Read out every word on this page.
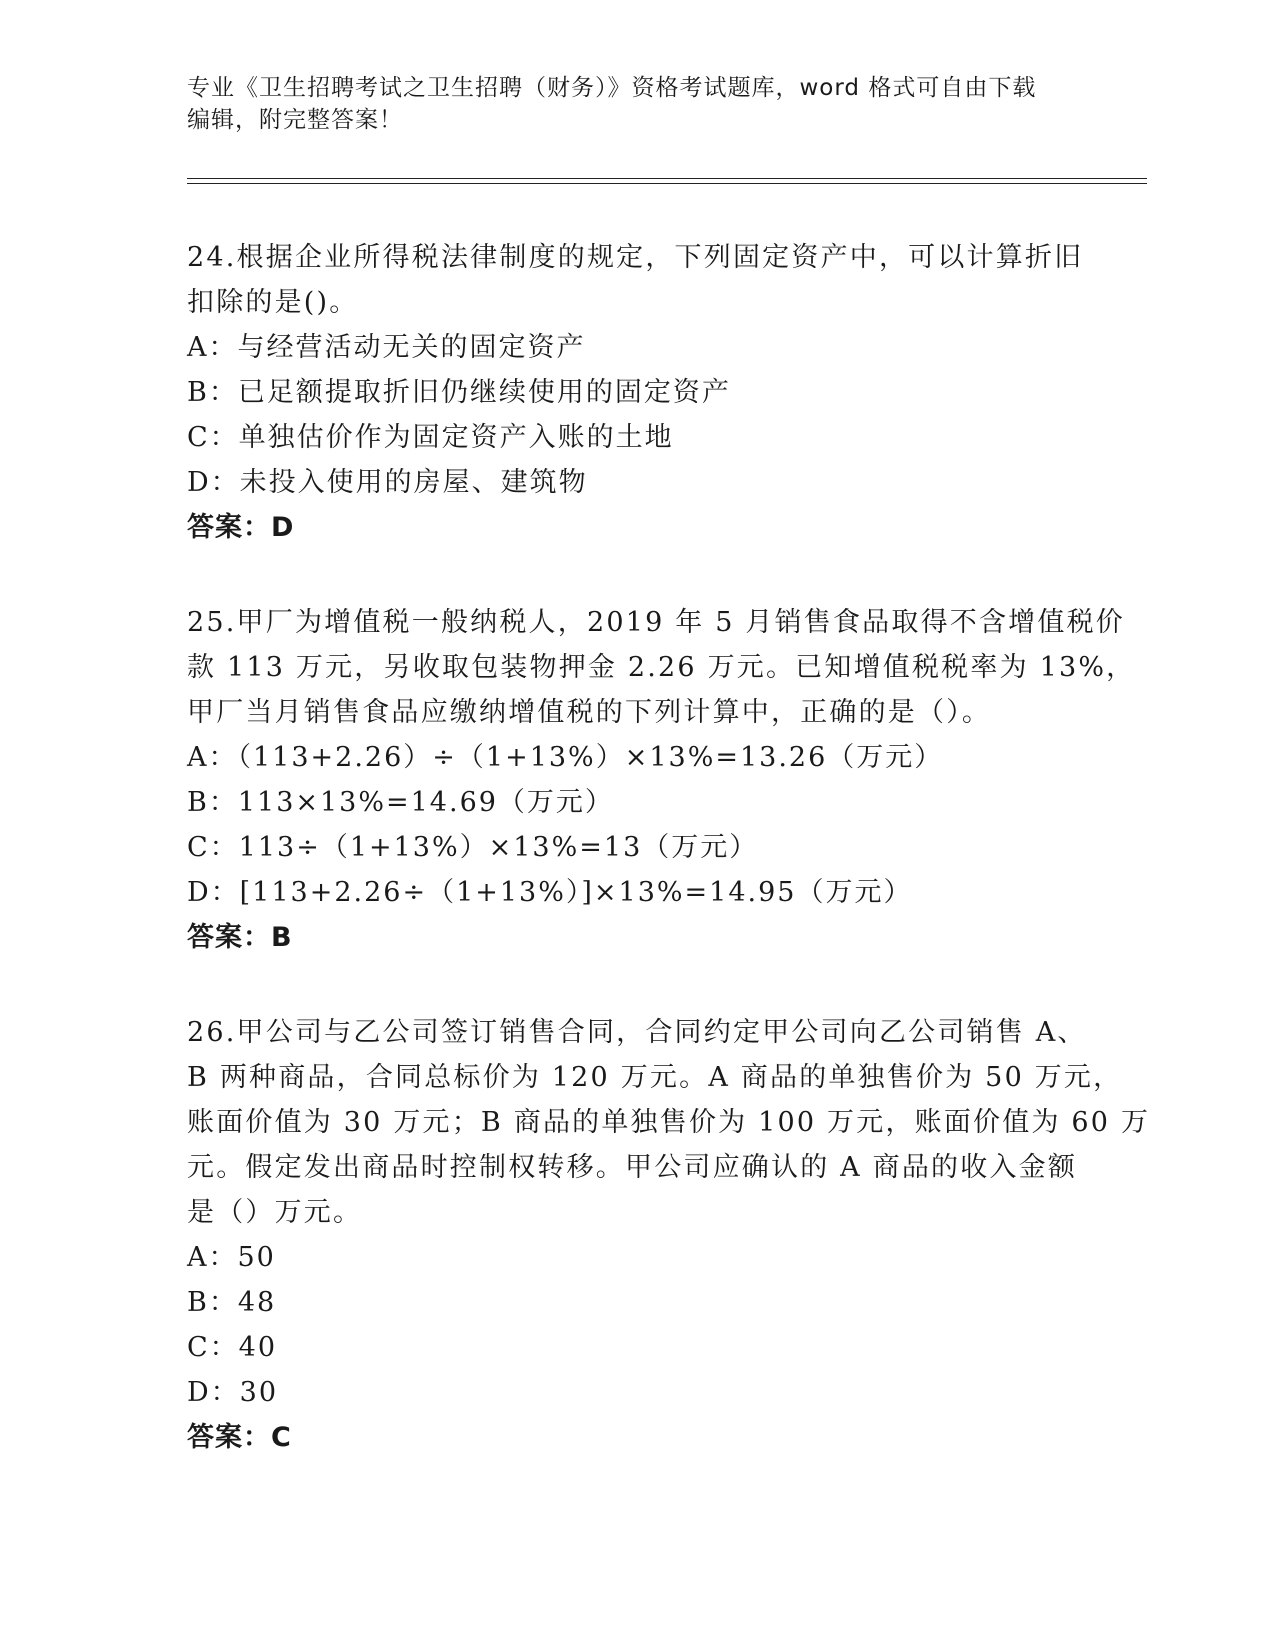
专业《卫生招聘考试之卫生招聘（财务）》资格考试题库，word 格式可自由下载
编辑，附完整答案！
24.根据企业所得税法律制度的规定，下列固定资产中，可以计算折旧
扣除的是()。
A：与经营活动无关的固定资产
B：已足额提取折旧仍继续使用的固定资产
C：单独估价作为固定资产入账的土地
D：未投入使用的房屋、建筑物
答案：D
25.甲厂为增值税一般纳税人，2019 年 5 月销售食品取得不含增值税价
款 113 万元，另收取包装物押金 2.26 万元。已知增值税税率为 13%，
甲厂当月销售食品应缴纳增值税的下列计算中，正确的是（）。
A：（113+2.26）÷（1+13%）×13%=13.26（万元）
B：113×13%=14.69（万元）
C：113÷（1+13%）×13%=13（万元）
D：[113+2.26÷（1+13%）]×13%=14.95（万元）
答案：B
26.甲公司与乙公司签订销售合同，合同约定甲公司向乙公司销售 A、
B 两种商品，合同总标价为 120 万元。A 商品的单独售价为 50 万元，
账面价值为 30 万元；B 商品的单独售价为 100 万元，账面价值为 60 万
元。假定发出商品时控制权转移。甲公司应确认的 A 商品的收入金额
是（）万元。
A：50
B：48
C：40
D：30
答案：C
